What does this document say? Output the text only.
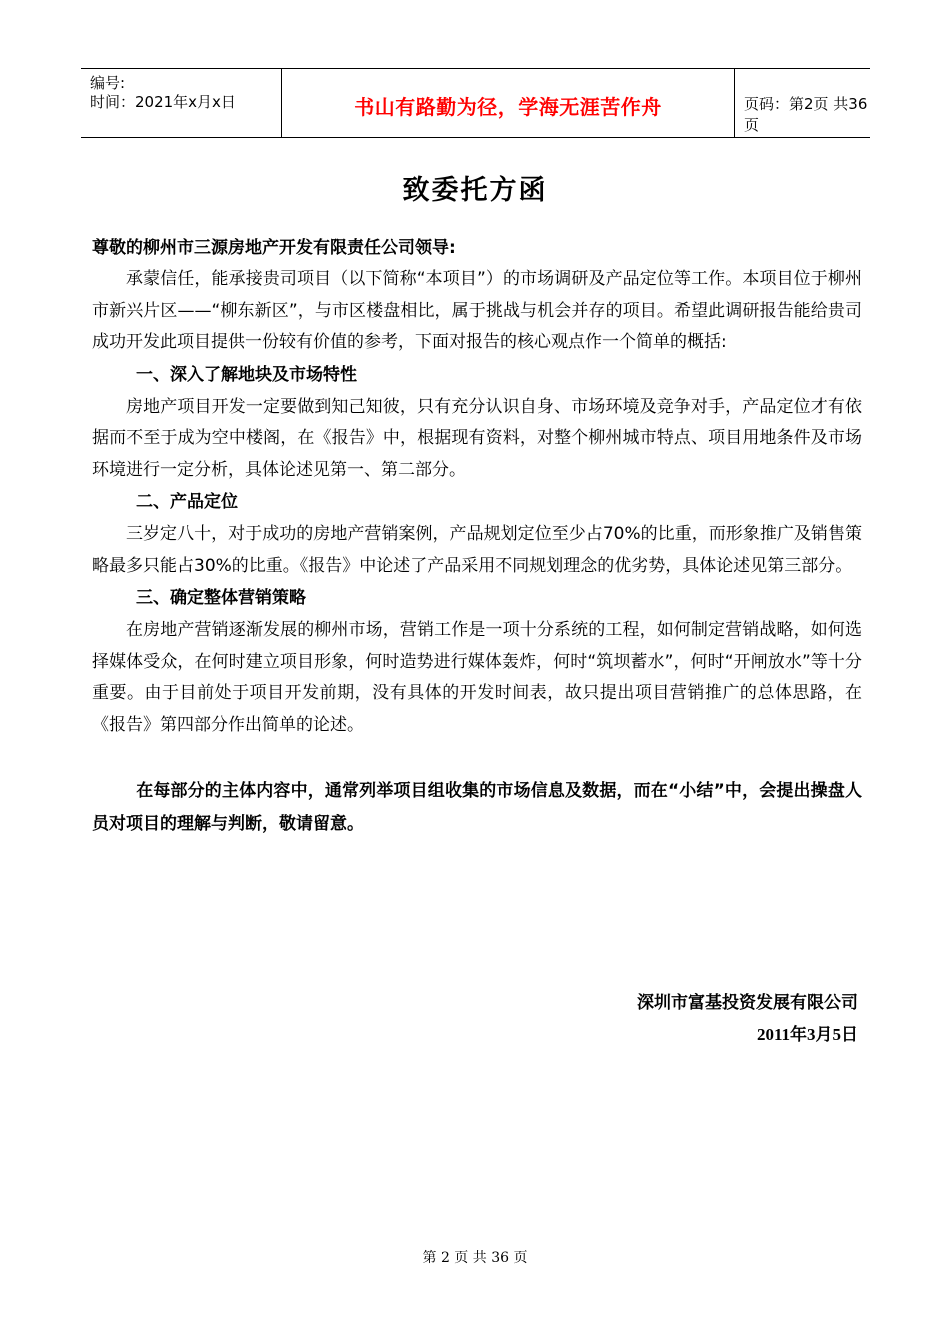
编号:
时间：2021年x月x日	书山有路勤为径，学海无涯苦作舟	页码：第2页 共36页
致委托方函
尊敬的柳州市三源房地产开发有限责任公司领导:

承蒙信任，能承接贵司项目（以下简称“本项目”）的市场调研及产品定位等工作。本项目位于柳州市新兴片区——“柳东新区”，与市区楼盘相比，属于挑战与机会并存的项目。希望此调研报告能给贵司成功开发此项目提供一份较有价值的参考，下面对报告的核心观点作一个简单的概括:

一、深入了解地块及市场特性

房地产项目开发一定要做到知己知彼，只有充分认识自身、市场环境及竞争对手，产品定位才有依据而不至于成为空中楼阁，在《报告》中，根据现有资料，对整个柳州城市特点、项目用地条件及市场环境进行一定分析，具体论述见第一、第二部分。

二、产品定位

三岁定八十，对于成功的房地产营销案例，产品规划定位至少占70%的比重，而形象推广及销售策略最多只能占30%的比重。《报告》中论述了产品采用不同规划理念的优劣势，具体论述见第三部分。

三、确定整体营销策略

在房地产营销逐渐发展的柳州市场，营销工作是一项十分系统的工程，如何制定营销战略，如何选择媒体受众，在何时建立项目形象，何时造势进行媒体轰炸，何时“筑坝蓄水”，何时“开闸放水”等十分重要。由于目前处于项目开发前期，没有具体的开发时间表，故只提出项目营销推广的总体思路，在《报告》第四部分作出简单的论述。

在每部分的主体内容中，通常列举项目组收集的市场信息及数据，而在“小结”中，会提出操盘人员对项目的理解与判断，敬请留意。

深圳市富基投资发展有限公司
2011年3月5日
第 2 页 共 36 页
